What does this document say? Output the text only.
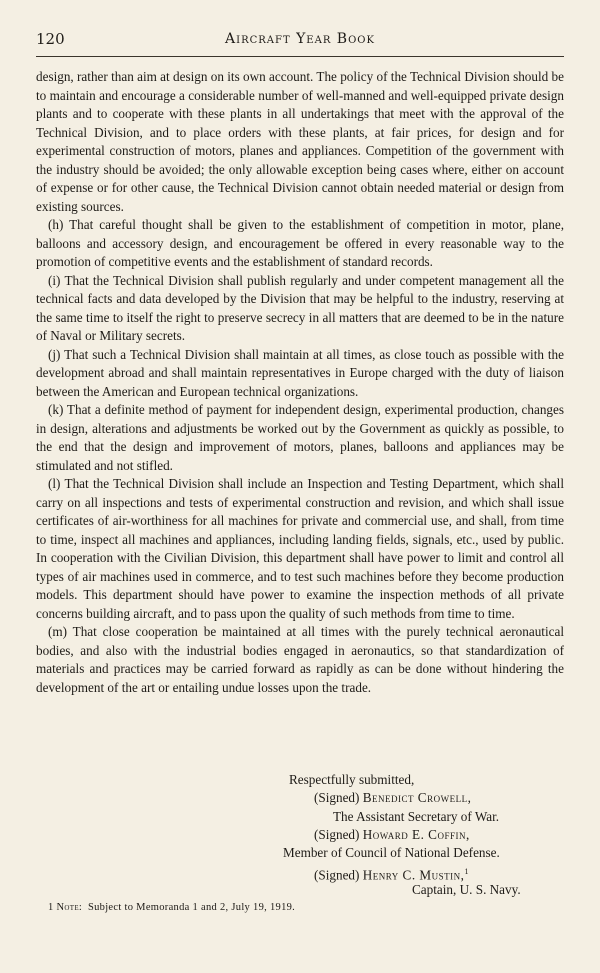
120	Aircraft Year Book

design, rather than aim at design on its own account. The policy of the Technical Division should be to maintain and encourage a considerable number of well-manned and well-equipped private design plants and to cooperate with these plants in all undertakings that meet with the approval of the Technical Division, and to place orders with these plants, at fair prices, for design and for experimental construction of motors, planes and appliances. Competition of the government with the industry should be avoided; the only allowable exception being cases where, either on account of expense or for other cause, the Technical Division cannot obtain needed material or design from existing sources.

(h) That careful thought shall be given to the establishment of competition in motor, plane, balloons and accessory design, and encouragement be offered in every reasonable way to the promotion of competitive events and the establishment of standard records.

(i) That the Technical Division shall publish regularly and under competent management all the technical facts and data developed by the Division that may be helpful to the industry, reserving at the same time to itself the right to preserve secrecy in all matters that are deemed to be in the nature of Naval or Military secrets.

(j) That such a Technical Division shall maintain at all times, as close touch as possible with the development abroad and shall maintain representatives in Europe charged with the duty of liaison between the American and European technical organizations.

(k) That a definite method of payment for independent design, experimental production, changes in design, alterations and adjustments be worked out by the Government as quickly as possible, to the end that the design and improvement of motors, planes, balloons and appliances may be stimulated and not stifled.

(l) That the Technical Division shall include an Inspection and Testing Department, which shall carry on all inspections and tests of experimental construction and revision, and which shall issue certificates of air-worthiness for all machines for private and commercial use, and shall, from time to time, inspect all machines and appliances, including landing fields, signals, etc., used by public. In cooperation with the Civilian Division, this department shall have power to limit and control all types of air machines used in commerce, and to test such machines before they become production models. This department should have power to examine the inspection methods of all private concerns building aircraft, and to pass upon the quality of such methods from time to time.

(m) That close cooperation be maintained at all times with the purely technical aeronautical bodies, and also with the industrial bodies engaged in aeronautics, so that standardization of materials and practices may be carried forward as rapidly as can be done without hindering the development of the art or entailing undue losses upon the trade.

Respectfully submitted,
(Signed) Benedict Crowell,
The Assistant Secretary of War.
(Signed) Howard E. Coffin,
Member of Council of National Defense.
(Signed) Henry C. Mustin,$^1$
Captain, U. S. Navy.
1 Note: Subject to Memoranda 1 and 2, July 19, 1919.
